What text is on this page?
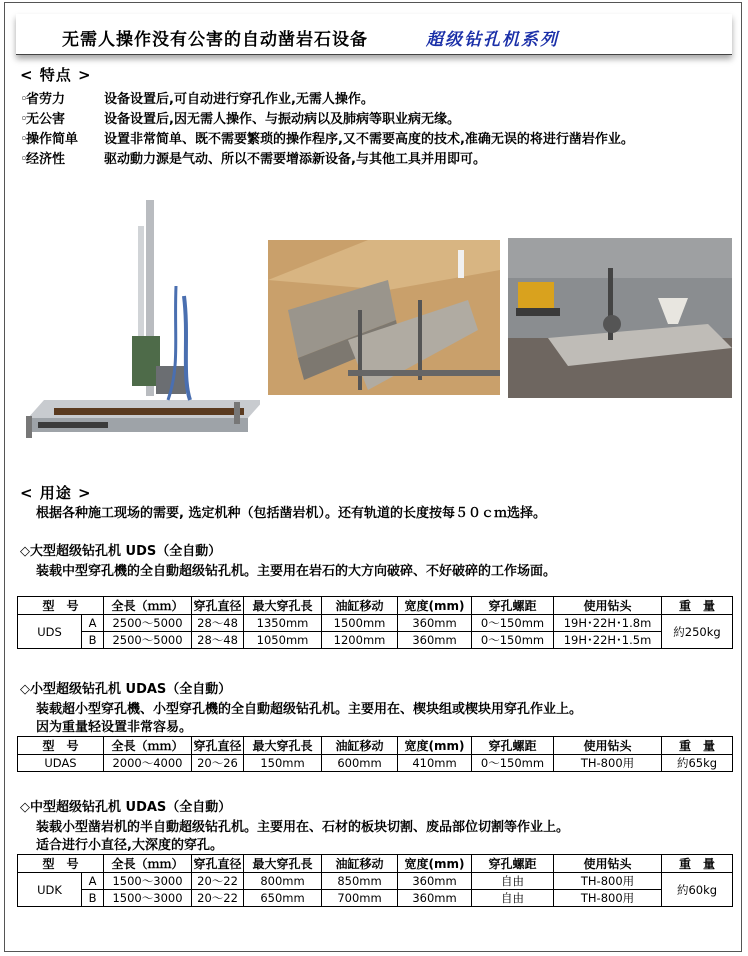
无需人操作没有公害的自动凿岩石设备	超级钻孔机系列
< 特点 >
◦省劳力	设备设置后,可自动进行穿孔作业,无需人操作。
◦无公害	设备设置后,因无需人操作、与振动病以及肺病等职业病无缘。
◦操作简单 设置非常简单、既不需要繁琐的操作程序,又不需要高度的技术,准确无误的将进行凿岩作业。
◦经济性	驱动動力源是气动、所以不需要增添新设备,与其他工具并用即可。
< 用途 >
根据各种施工现场的需要, 选定机种（包括凿岩机）。还有轨道的长度按每５０ｃｍ选择。
◇大型超级钻孔机 UDS（全自動）
装载中型穿孔機的全自動超级钻孔机。主要用在岩石的大方向破碎、不好破碎的工作场面。
型　号		全長（ｍｍ）	穿孔直径	最大穿孔長	油缸移动	宽度(mm)	穿孔螺距	使用钻头	重　量
UDS	A	2500～5000	28～48	1350mm	1500mm	360mm	0～150mm	19H･22H･1.8m	約250kg
	B	2500～5000	28～48	1050mm	1200mm	360mm	0～150mm	19H･22H･1.5m	
◇小型超级钻孔机 UDAS（全自動）
装载超小型穿孔機、小型穿孔機的全自動超级钻孔机。主要用在、楔块组或楔块用穿孔作业上。
因为重量轻设置非常容易。
型　号	全長（ｍｍ）	穿孔直径	最大穿孔長	油缸移动	宽度(mm)	穿孔螺距	使用钻头	重　量
UDAS	2000～4000	20～26	150mm	600mm	410mm	0～150mm	TH-800用	約65kg
◇中型超级钻孔机 UDAS（全自動）
装载小型凿岩机的半自動超级钻孔机。主要用在、石材的板块切割、废品部位切割等作业上。
适合进行小直径,大深度的穿孔。
型　号		全長（ｍｍ）	穿孔直径	最大穿孔長	油缸移动	宽度(mm)	穿孔螺距	使用钻头	重　量
UDK	A	1500～3000	20～22	800mm	850mm	360mm	自由	TH-800用	約60kg
	B	1500～3000	20～22	650mm	700mm	360mm	自由	TH-800用	
